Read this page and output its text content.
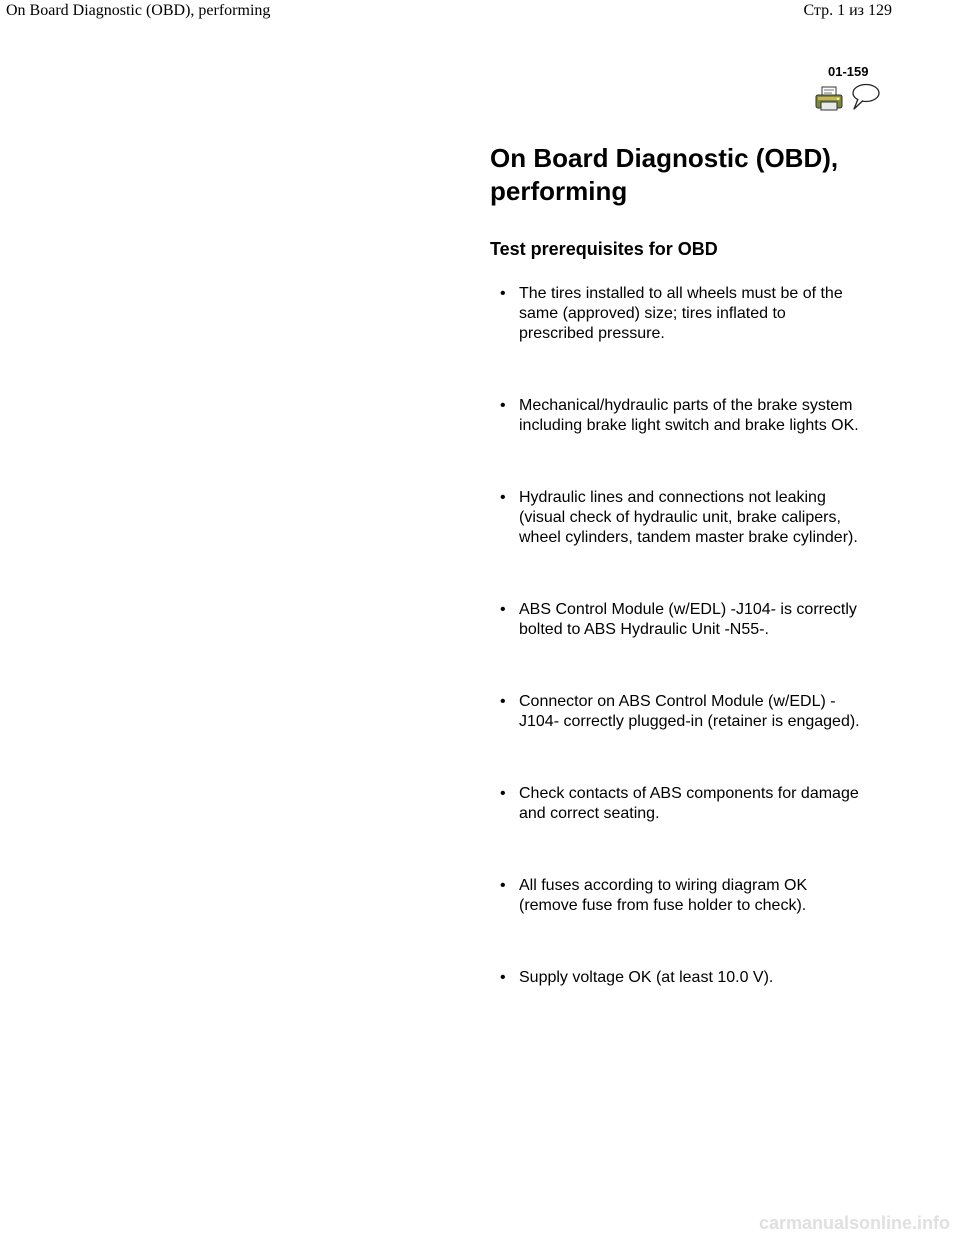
On Board Diagnostic (OBD), performing	Стр. 1 из 129
01-159
On Board Diagnostic (OBD),
performing
Test prerequisites for OBD
• The tires installed to all wheels must be of the same (approved) size; tires inflated to prescribed pressure.
• Mechanical/hydraulic parts of the brake system including brake light switch and brake lights OK.
• Hydraulic lines and connections not leaking (visual check of hydraulic unit, brake calipers, wheel cylinders, tandem master brake cylinder).
• ABS Control Module (w/EDL) -J104- is correctly bolted to ABS Hydraulic Unit -N55-.
• Connector on ABS Control Module (w/EDL) -J104- correctly plugged-in (retainer is engaged).
• Check contacts of ABS components for damage and correct seating.
• All fuses according to wiring diagram OK (remove fuse from fuse holder to check).
• Supply voltage OK (at least 10.0 V).
carmanualsonline.info
